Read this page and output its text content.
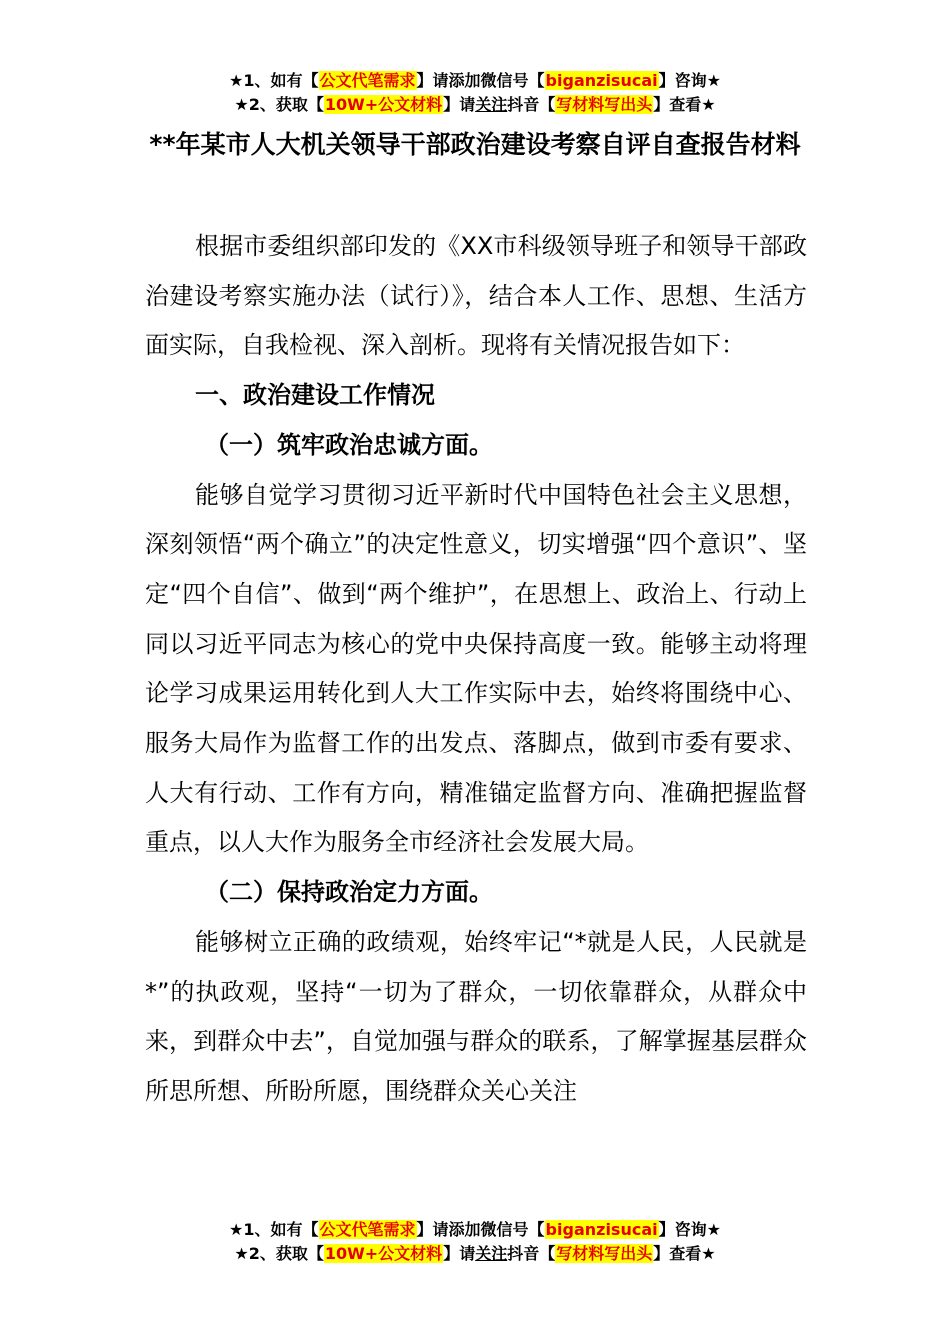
★1、如有【公文代笔需求】请添加微信号【biganzisucai】咨询★
★2、获取【10W+公文材料】请关注抖音【写材料写出头】查看★
**年某市人大机关领导干部政治建设考察自评自查报告材料

根据市委组织部印发的《XX市科级领导班子和领导干部政治建设考察实施办法（试行）》，结合本人工作、思想、生活方面实际，自我检视、深入剖析。现将有关情况报告如下：

一、政治建设工作情况

（一）筑牢政治忠诚方面。

能够自觉学习贯彻习近平新时代中国特色社会主义思想，深刻领悟“两个确立”的决定性意义，切实增强“四个意识”、坚定“四个自信”、做到“两个维护”，在思想上、政治上、行动上同以习近平同志为核心的党中央保持高度一致。能够主动将理论学习成果运用转化到人大工作实际中去，始终将围绕中心、服务大局作为监督工作的出发点、落脚点，做到市委有要求、人大有行动、工作有方向，精准锚定监督方向、准确把握监督重点，以人大作为服务全市经济社会发展大局。

（二）保持政治定力方面。

能够树立正确的政绩观，始终牢记“*就是人民，人民就是*”的执政观，坚持“一切为了群众，一切依靠群众，从群众中来，到群众中去”，自觉加强与群众的联系，了解掌握基层群众所思所想、所盼所愿，围绕群众关心关注

★1、如有【公文代笔需求】请添加微信号【biganzisucai】咨询★
★2、获取【10W+公文材料】请关注抖音【写材料写出头】查看★
